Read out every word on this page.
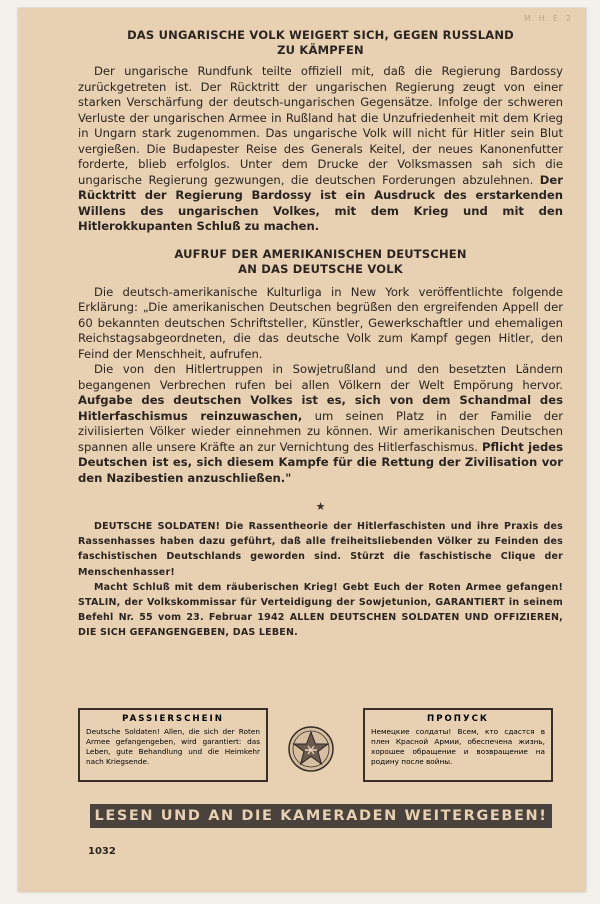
M. H. E. 2
DAS UNGARISCHE VOLK WEIGERT SICH, GEGEN RUSSLAND
ZU KÄMPFEN

Der ungarische Rundfunk teilte offiziell mit, daß die Regierung Bardossy zurückgetreten ist. Der Rücktritt der ungarischen Regierung zeugt von einer starken Verschärfung der deutsch-ungarischen Gegensätze. Infolge der schweren Verluste der ungarischen Armee in Rußland hat die Unzufriedenheit mit dem Krieg in Ungarn stark zugenommen. Das ungarische Volk will nicht für Hitler sein Blut vergießen. Die Budapester Reise des Generals Keitel, der neues Kanonenfutter forderte, blieb erfolglos. Unter dem Drucke der Volksmassen sah sich die ungarische Regierung gezwungen, die deutschen Forderungen abzulehnen. Der Rücktritt der Regierung Bardossy ist ein Ausdruck des erstarkenden Willens des ungarischen Volkes, mit dem Krieg und mit den Hitlerokkupanten Schluß zu machen.

AUFRUF DER AMERIKANISCHEN DEUTSCHEN
AN DAS DEUTSCHE VOLK

Die deutsch-amerikanische Kulturliga in New York veröffentlichte folgende Erklärung: „Die amerikanischen Deutschen begrüßen den ergreifenden Appell der 60 bekannten deutschen Schriftsteller, Künstler, Gewerkschaftler und ehemaligen Reichstagsabgeordneten, die das deutsche Volk zum Kampf gegen Hitler, den Feind der Menschheit, aufrufen.

Die von den Hitlertruppen in Sowjetrußland und den besetzten Ländern begangenen Verbrechen rufen bei allen Völkern der Welt Empörung hervor. Aufgabe des deutschen Volkes ist es, sich von dem Schandmal des Hitlerfaschismus reinzuwaschen, um seinen Platz in der Familie der zivilisierten Völker wieder einnehmen zu können. Wir amerikanischen Deutschen spannen alle unsere Kräfte an zur Vernichtung des Hitlerfaschismus. Pflicht jedes Deutschen ist es, sich diesem Kampfe für die Rettung der Zivilisation vor den Nazibestien anzuschließen."

★

DEUTSCHE SOLDATEN! Die Rassentheorie der Hitlerfaschisten und ihre Praxis des Rassenhasses haben dazu geführt, daß alle freiheitsliebenden Völker zu Feinden des faschistischen Deutschlands geworden sind. Stürzt die faschistische Clique der Menschenhasser!

Macht Schluß mit dem räuberischen Krieg! Gebt Euch der Roten Armee gefangen! STALIN, der Volkskommissar für Verteidigung der Sowjetunion, GARANTIERT in seinem Befehl Nr. 55 vom 23. Februar 1942 ALLEN DEUTSCHEN SOLDATEN UND OFFIZIEREN, DIE SICH GEFANGENGEBEN, DAS LEBEN.

PASSIERSCHEIN
Deutsche Soldaten! Allen, die sich der Roten Armee gefangengeben, wird garantiert: das Leben, gute Behandlung und die Heimkehr nach Kriegsende.
ПРОПУСК
Немецкие солдаты! Всем, кто сдастся в плен Красной Армии, обеспечена жизнь, хорошее обращение и возвращение на родину после войны.
LESEN UND AN DIE KAMERADEN WEITERGEBEN!
1032
